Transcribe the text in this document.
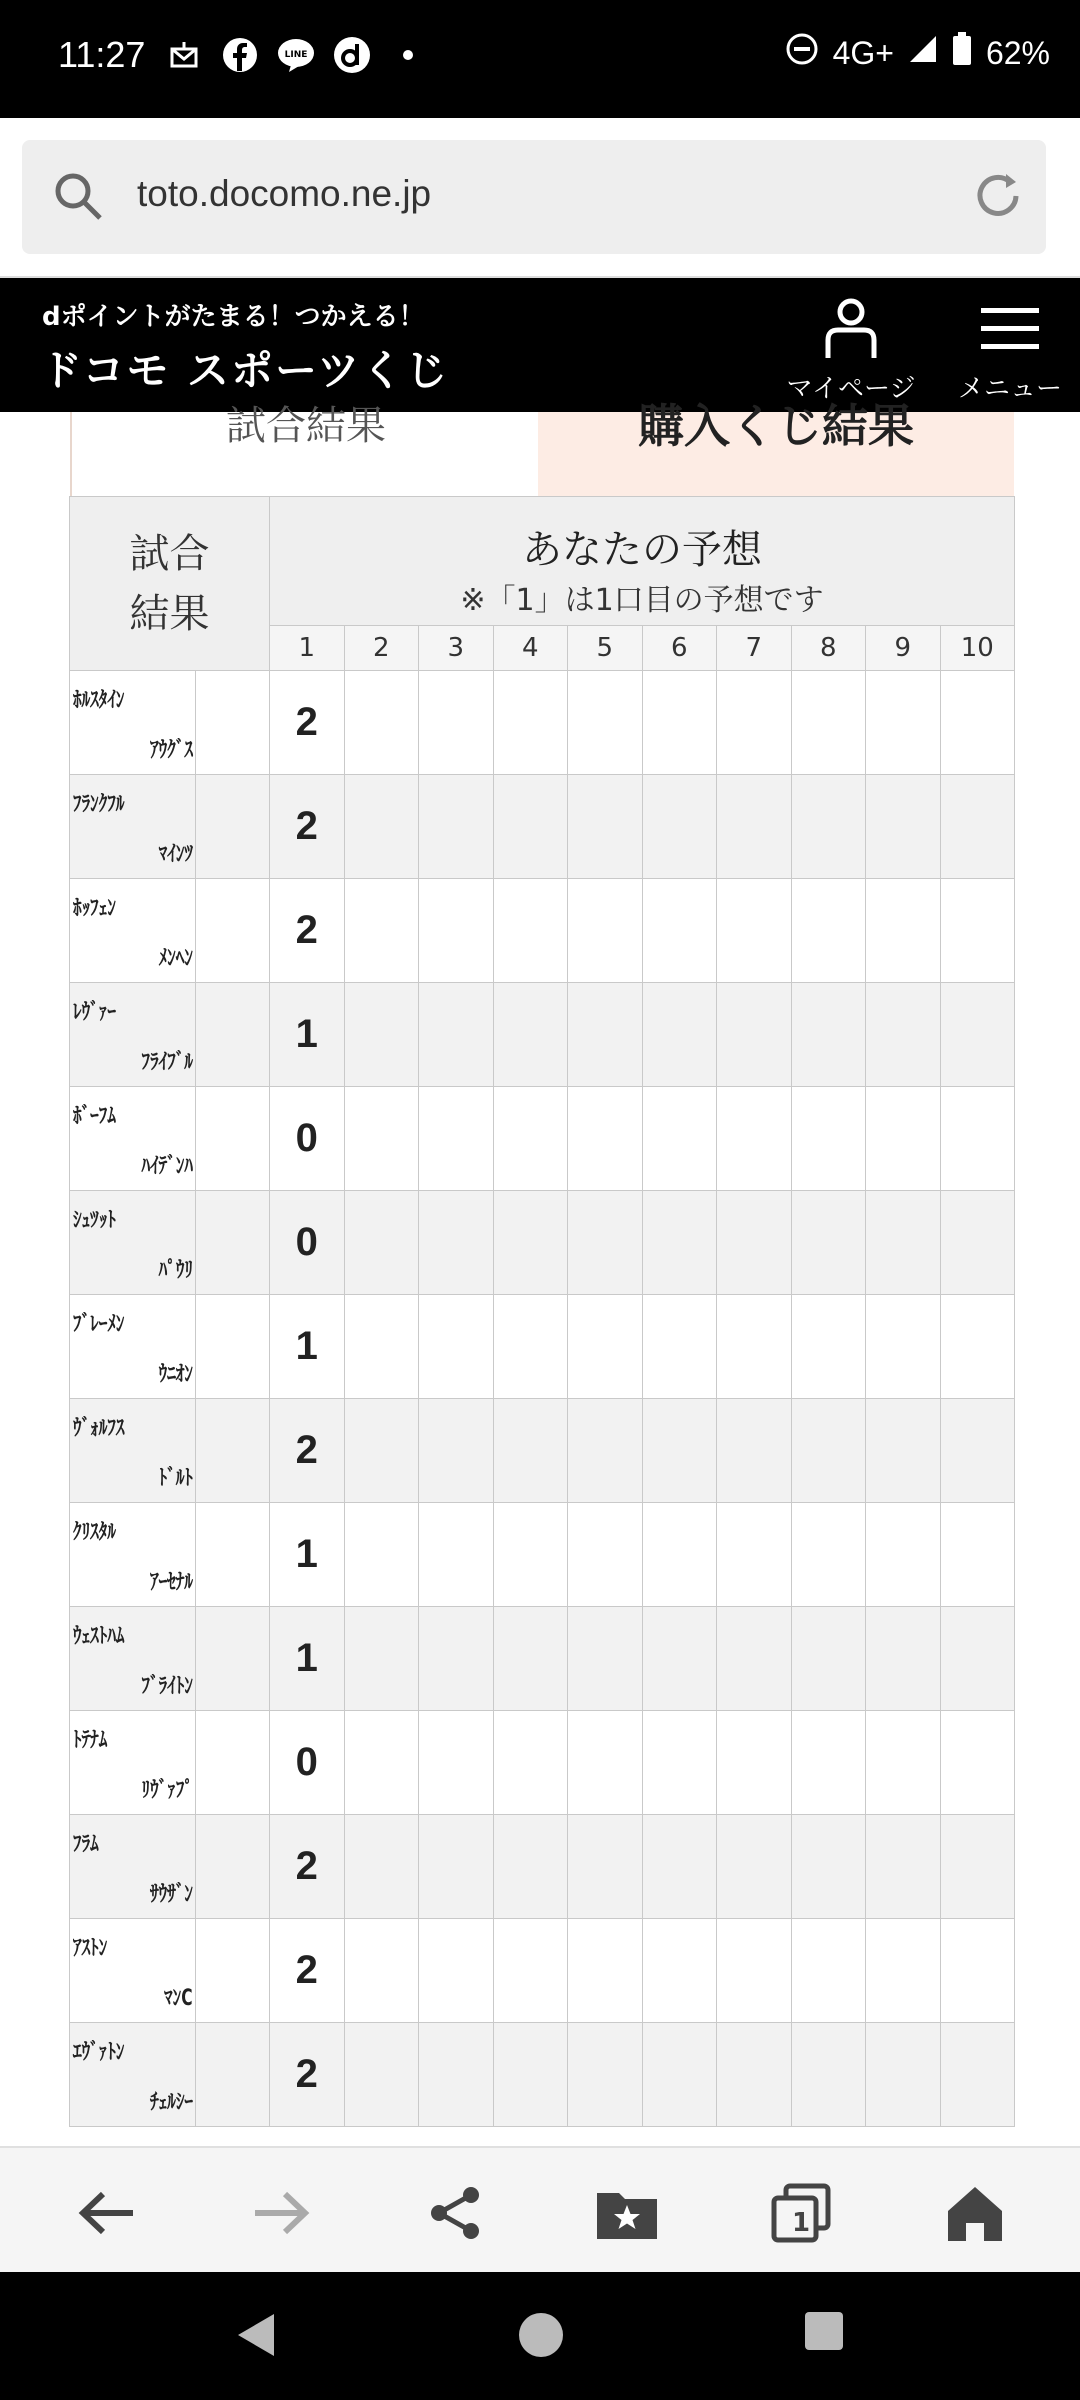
11:27	LINE	4G+	62%
toto.docomo.ne.jp
dポイントがたまる！つかえる！
ドコモ スポーツくじ	マイページ メニュー
試合結果	購入くじ結果
試合
結果		あなたの予想									
		※「1」は1口目の予想です									
		1	2	3	4	5	6	7	8	9	10

ﾎﾙｽﾀｲﾝ
ｱｳｸﾞｽ		2									

ﾌﾗﾝｸﾌﾙ
ﾏｲﾝﾂ		2									

ﾎｯﾌｪﾝ
ﾒﾝﾍﾝ		2									

ﾚｳﾞｧｰ
ﾌﾗｲﾌﾞﾙ		1									

ﾎﾞｰﾌﾑ
ﾊｲﾃﾞﾝﾊ		0									

ｼｭﾂｯﾄ
ﾊﾟｳﾘ		0									

ﾌﾞﾚｰﾒﾝ
ｳﾆｵﾝ		1									

ｳﾞｫﾙﾌｽ
ﾄﾞﾙﾄ		2									

ｸﾘｽﾀﾙ
ｱｰｾﾅﾙ		1									

ｳｪｽﾄﾊﾑ
ﾌﾞﾗｲﾄﾝ		1									

ﾄﾃﾅﾑ
ﾘｳﾞｧﾌﾟ		0									

ﾌﾗﾑ
ｻｳｻﾞﾝ		2									

ｱｽﾄﾝ
ﾏﾝC		2									

ｴｳﾞｧﾄﾝ
ﾁｪﾙｼｰ		2									
1
